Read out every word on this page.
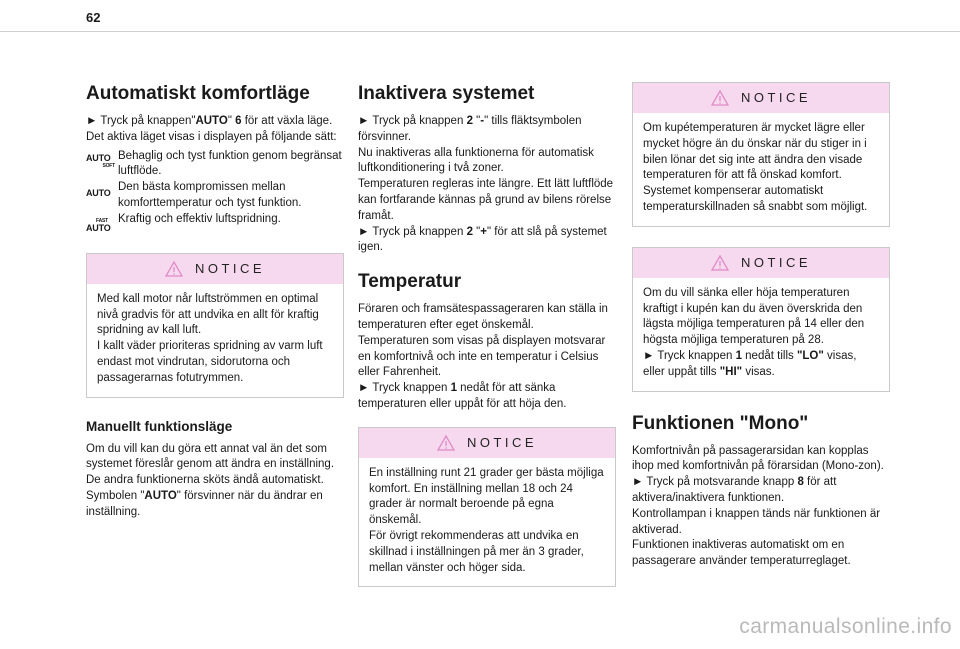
62
Automatiskt komfortläge

► Tryck på knappen"AUTO" 6 för att växla läge. Det aktiva läget visas i displayen på följande sätt:

AUTO
SOFT
Behaglig och tyst funktion genom begränsat luftflöde.
AUTO Den bästa kompromissen mellan komforttemperatur och tyst funktion.
FAST
AUTO
Kraftig och effektiv luftspridning.
NOTICE
Med kall motor når luftströmmen en optimal nivå gradvis för att undvika en allt för kraftig spridning av kall luft.
I kallt väder prioriteras spridning av varm luft endast mot vindrutan, sidorutorna och passagerarnas fotutrymmen.
Manuellt funktionsläge

Om du vill kan du göra ett annat val än det som systemet föreslår genom att ändra en inställning. De andra funktionerna sköts ändå automatiskt.
Symbolen "AUTO" försvinner när du ändrar en inställning.

Inaktivera systemet

► Tryck på knappen 2 "-" tills fläktsymbolen försvinner.
Nu inaktiveras alla funktionerna för automatisk luftkonditionering i två zoner.
Temperaturen regleras inte längre. Ett lätt luftflöde kan fortfarande kännas på grund av bilens rörelse framåt.
► Tryck på knappen 2 "+" för att slå på systemet igen.

Temperatur

Föraren och framsätespassageraren kan ställa in temperaturen efter eget önskemål.
Temperaturen som visas på displayen motsvarar en komfortnivå och inte en temperatur i Celsius eller Fahrenheit.
► Tryck knappen 1 nedåt för att sänka temperaturen eller uppåt för att höja den.

NOTICE
En inställning runt 21 grader ger bästa möjliga komfort. En inställning mellan 18 och 24 grader är normalt beroende på egna önskemål.
För övrigt rekommenderas att undvika en skillnad i inställningen på mer än 3 grader, mellan vänster och höger sida.
NOTICE
Om kupétemperaturen är mycket lägre eller mycket högre än du önskar när du stiger in i bilen lönar det sig inte att ändra den visade temperaturen för att få önskad komfort. Systemet kompenserar automatiskt temperaturskillnaden så snabbt som möjligt.
NOTICE
Om du vill sänka eller höja temperaturen kraftigt i kupén kan du även överskrida den lägsta möjliga temperaturen på 14 eller den högsta möjliga temperaturen på 28.
► Tryck knappen 1 nedåt tills "LO" visas, eller uppåt tills "HI" visas.
Funktionen "Mono"

Komfortnivån på passagerarsidan kan kopplas ihop med komfortnivån på förarsidan (Mono-zon).
► Tryck på motsvarande knapp 8 för att aktivera/inaktivera funktionen.
Kontrollampan i knappen tänds när funktionen är aktiverad.
Funktionen inaktiveras automatiskt om en passagerare använder temperaturreglaget.

carmanualsonline.info
